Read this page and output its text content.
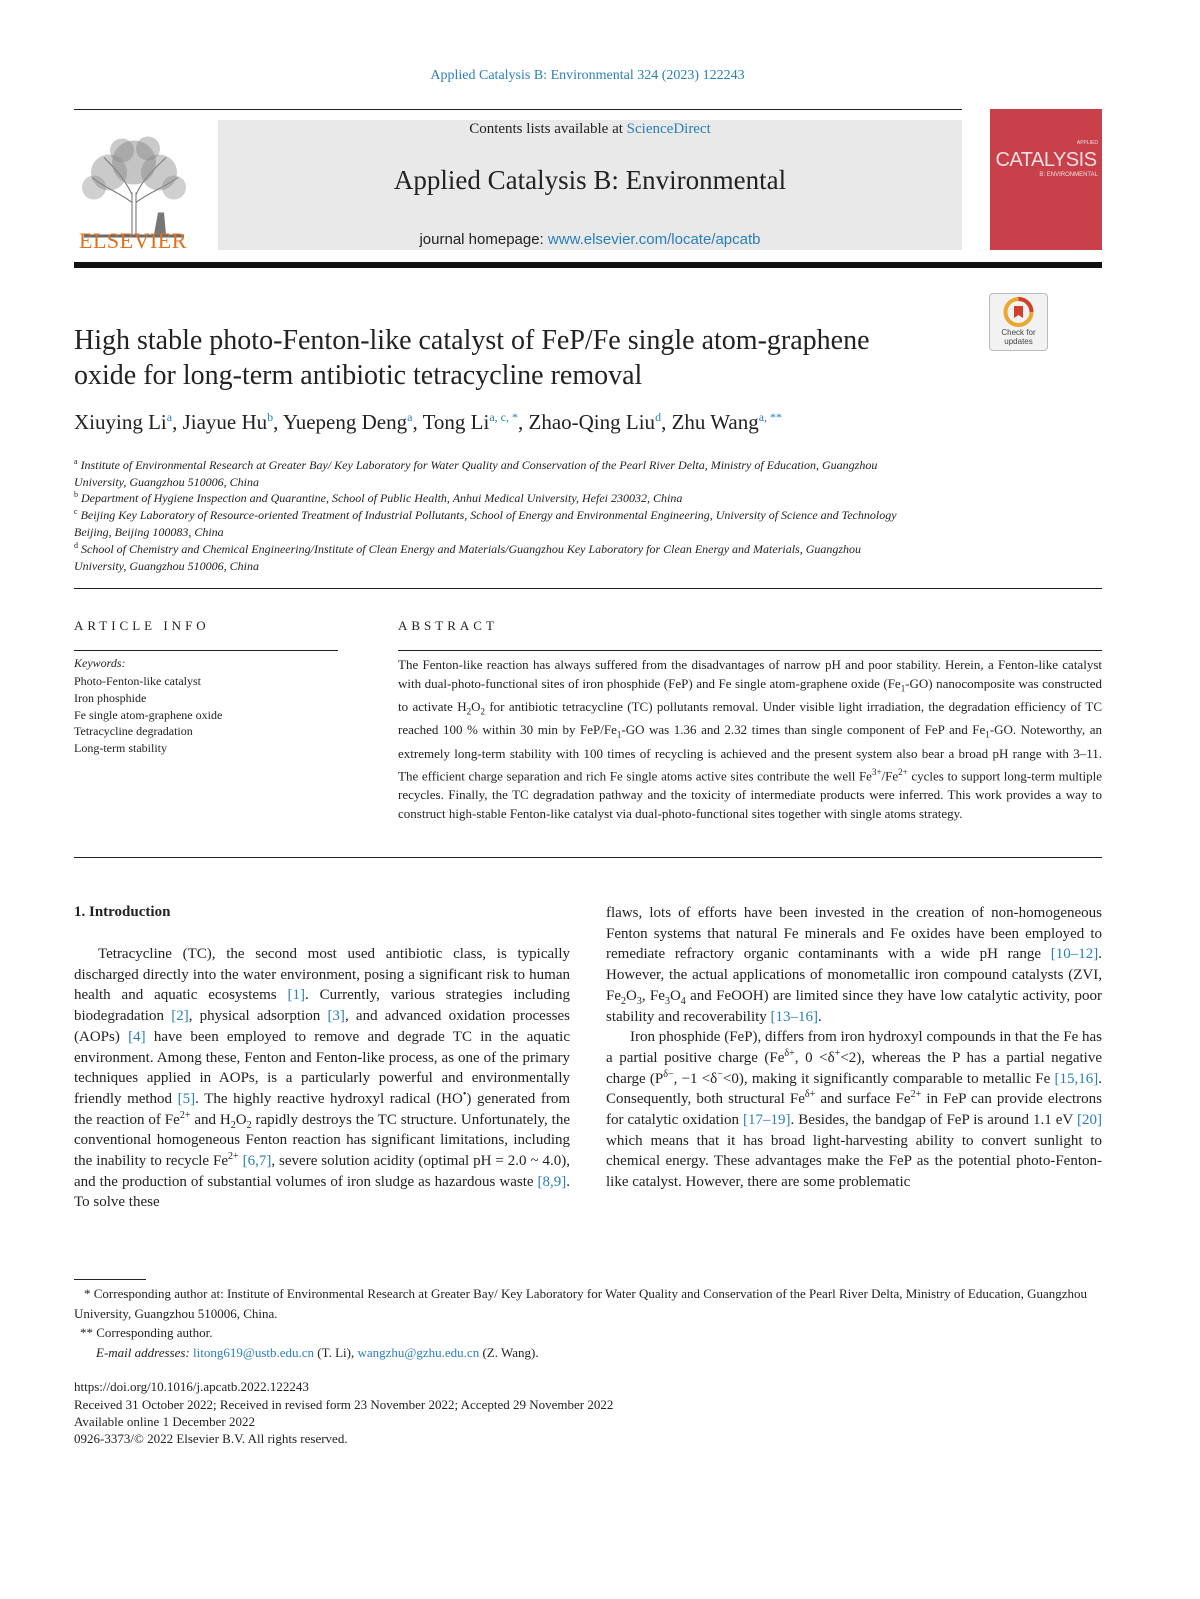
Applied Catalysis B: Environmental 324 (2023) 122243
ELSEVIER
Contents lists available at ScienceDirect
Applied Catalysis B: Environmental
journal homepage: www.elsevier.com/locate/apcatb
APPLIED
CATALYSIS
B: ENVIRONMENTAL
Check for updates
High stable photo-Fenton-like catalyst of FeP/Fe single atom-graphene
oxide for long-term antibiotic tetracycline removal
Xiuying Li$^a$, Jiayue Hu$^b$, Yuepeng Deng$^a$, Tong $Li^{a, c, *}$, Zhao-Qing Liu$^d$, Zhu Wang$^{a, **}$
$^a$ Institute of Environmental Research at Greater Bay/ Key Laboratory for Water Quality and Conservation of the Pearl River Delta, Ministry of Education, Guangzhou
University, Guangzhou 510006, China
$^b$ Department of Hygiene Inspection and Quarantine, School of Public Health, Anhui Medical University, Hefei 230032, China
$^c$ Beijing Key Laboratory of Resource-oriented Treatment of Industrial Pollutants, School of Energy and Environmental Engineering, University of Science and Technology
Beijing, Beijing 100083, China
$^d$ School of Chemistry and Chemical Engineering/Institute of Clean Energy and Materials/Guangzhou Key Laboratory for Clean Energy and Materials, Guangzhou
University, Guangzhou 510006, China
ARTICLE INFO	ABSTRACT
Keywords:
Photo-Fenton-like catalyst
Iron phosphide
Fe single atom-graphene oxide
Tetracycline degradation
Long-term stability
The Fenton-like reaction has always suffered from the disadvantages of narrow pH and poor stability. Herein, a Fenton-like catalyst with dual-photo-functional sites of iron phosphide (FeP) and Fe single atom-graphene oxide $(Fe_1-GO)$ nanocomposite was constructed to activate $H_2O_2$ for antibiotic tetracycline (TC) pollutants removal. Under visible light irradiation, the degradation efficiency of TC reached 100 % within 30 min by FeP/$Fe_1-GO$ was 1.36 and 2.32 times than single component of FeP and $Fe_1-GO$. Noteworthy, an extremely long-term stability with 100 times of recycling is achieved and the present system also bear a broad pH range with 3–11. The efficient charge separation and rich Fe single atoms active sites contribute the well $Fe^{3+}/Fe^{2+}$ cycles to support long-term multiple recycles. Finally, the TC degradation pathway and the toxicity of intermediate products were inferred. This work provides a way to construct high-stable Fenton-like catalyst via dual-photo-functional sites together with single atoms strategy.
1. Introduction

Tetracycline (TC), the second most used antibiotic class, is typically discharged directly into the water environment, posing a significant risk to human health and aquatic ecosystems [1]. Currently, various strategies including biodegradation [2], physical adsorption [3], and advanced oxidation processes (AOPs) [4] have been employed to remove and degrade TC in the aquatic environment. Among these, Fenton and Fenton-like process, as one of the primary techniques applied in AOPs, is a particularly powerful and environmentally friendly method [5]. The highly reactive hydroxyl radical (HO•) generated from the reaction of $Fe^{2+}$ and $H_2O_2$ rapidly destroys the TC structure. Unfortunately, the conventional homogeneous Fenton reaction has significant limitations, including the inability to recycle $Fe^{2+}$ [6,7], severe solution acidity (optimal pH = 2.0 ~ 4.0), and the production of substantial volumes of iron sludge as hazardous waste [8,9]. To solve these

flaws, lots of efforts have been invested in the creation of non-homogeneous Fenton systems that natural Fe minerals and Fe oxides have been employed to remediate refractory organic contaminants with a wide pH range [10–12]. However, the actual applications of monometallic iron compound catalysts (ZVI, $Fe_2O_3$, $Fe_3O_4$ and FeOOH) are limited since they have low catalytic activity, poor stability and recoverability [13–16].

Iron phosphide (FeP), differs from iron hydroxyl compounds in that the Fe has a partial positive charge ($Fe^{\delta+}$, 0 <δ+<2), whereas the P has a partial negative charge ($P^{\delta-}$, −1 <δ−<0), making it significantly comparable to metallic Fe [15,16]. Consequently, both structural $Fe^{\delta+}$ and surface $Fe^{2+}$ in FeP can provide electrons for catalytic oxidation [17–19]. Besides, the bandgap of FeP is around 1.1 eV [20] which means that it has broad light-harvesting ability to convert sunlight to chemical energy. These advantages make the FeP as the potential photo-Fenton-like catalyst. However, there are some problematic

* Corresponding author at: Institute of Environmental Research at Greater Bay/ Key Laboratory for Water Quality and Conservation of the Pearl River Delta, Ministry of Education, Guangzhou University, Guangzhou 510006, China.
** Corresponding author.
E-mail addresses: litong619@ustb.edu.cn (T. Li), wangzhu@gzhu.edu.cn (Z. Wang).
https://doi.org/10.1016/j.apcatb.2022.122243
Received 31 October 2022; Received in revised form 23 November 2022; Accepted 29 November 2022
Available online 1 December 2022
0926-3373/© 2022 Elsevier B.V. All rights reserved.
